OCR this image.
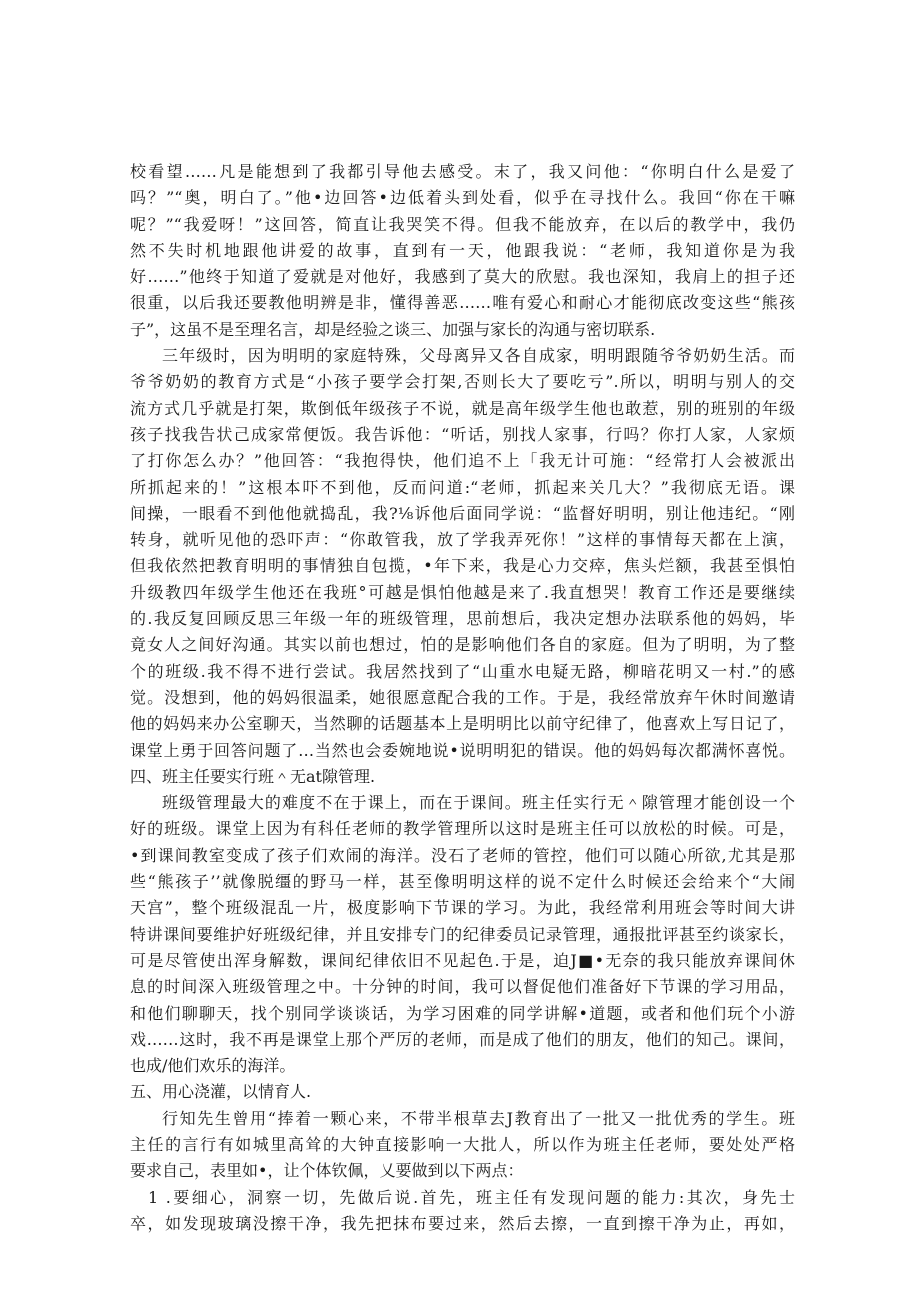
校看望……凡是能想到了我都引导他去感受。末了，我又问他：“你明白什么是爱了
吗？”“奥，明白了。”他•边回答•边低着头到处看，似乎在寻找什么。我回“你在干嘛
呢？”“我爱呀！”这回答，简直让我哭笑不得。但我不能放弃，在以后的教学中，我仍
然不失时机地跟他讲爱的故事，直到有一天，他跟我说：“老师，我知道你是为我
好……”他终于知道了爱就是对他好，我感到了莫大的欣慰。我也深知，我肩上的担子还
很重，以后我还要教他明辨是非，懂得善恶……唯有爱心和耐心才能彻底改变这些“熊孩
子”，这虽不是至理名言，却是经验之谈三、加强与家长的沟通与密切联系.
三年级时，因为明明的家庭特殊，父母离异又各自成家，明明跟随爷爷奶奶生活。而
爷爷奶奶的教育方式是“小孩子要学会打架,否则长大了要吃亏”.所以，明明与别人的交
流方式几乎就是打架，欺倒低年级孩子不说，就是高年级学生他也敢惹，别的班别的年级
孩子找我告状己成家常便饭。我告诉他：“听话，别找人家事，行吗？你打人家，人家烦
了打你怎么办？”他回答：“我抱得快，他们追不上「我无计可施：“经常打人会被派出
所抓起来的！”这根本吓不到他，反而问道:“老师，抓起来关几大？”我彻底无语。课
间操，一眼看不到他他就捣乱，我?⅛诉他后面同学说：“监督好明明，别让他违纪。“刚
转身，就听见他的恐吓声：“你敢管我，放了学我弄死你！”这样的事情每天都在上演，
但我依然把教育明明的事情独自包揽，•年下来，我是心力交瘁，焦头烂额，我甚至惧怕
升级教四年级学生他还在我班°可越是惧怕他越是来了.我直想哭！教育工作还是要继续
的.我反复回顾反思三年级一年的班级管理，思前想后，我决定想办法联系他的妈妈，毕
竟女人之间好沟通。其实以前也想过，怕的是影响他们各自的家庭。但为了明明，为了整
个的班级.我不得不进行尝试。我居然找到了“山重水电疑无路，柳暗花明又一村.”的感
觉。没想到，他的妈妈很温柔，她很愿意配合我的工作。于是，我经常放弃午休时间邀请
他的妈妈来办公室聊天，当然聊的话题基本上是明明比以前守纪律了，他喜欢上写日记了，
课堂上勇于回答问题了…当然也会委婉地说•说明明犯的错误。他的妈妈每次都满怀喜悦。
四、班主任要实行班＾无at隙管理.
班级管理最大的难度不在于课上，而在于课间。班主任实行无＾隙管理才能创设一个
好的班级。课堂上因为有科任老师的教学管理所以这时是班主任可以放松的时候。可是，
•到课间教室变成了孩子们欢闹的海洋。没石了老师的管控，他们可以随心所欲,尤其是那
些“熊孩子’’就像脱缰的野马一样，甚至像明明这样的说不定什么时候还会给来个“大闹
天宫”，整个班级混乱一片，极度影响下节课的学习。为此，我经常利用班会等时间大讲
特讲课间要维护好班级纪律，并且安排专门的纪律委员记录管理，通报批评甚至约谈家长，
可是尽管使出浑身解数，课间纪律依旧不见起色.于是，迫J■•无奈的我只能放弃课间休
息的时间深入班级管理之中。十分钟的时间，我可以督促他们准备好下节课的学习用品，
和他们聊聊天，找个别同学谈谈话，为学习困难的同学讲解•道题，或者和他们玩个小游
戏……这时，我不再是课堂上那个严厉的老师，而是成了他们的朋友，他们的知己。课间，
也成/他们欢乐的海洋。
五、用心浇灌，以情育人.
行知先生曾用“捧着一颗心来，不带半根草去J教育出了一批又一批优秀的学生。班
主任的言行有如城里高耸的大钟直接影响一大批人，所以作为班主任老师，要处处严格
要求自己，表里如•，让个体钦佩，乂要做到以下两点：
1 .要细心，洞察一切，先做后说.首先，班主任有发现问题的能力:其次，身先士
卒，如发现玻璃没擦干净，我先把抹布要过来，然后去擦，一直到擦干净为止，再如，
